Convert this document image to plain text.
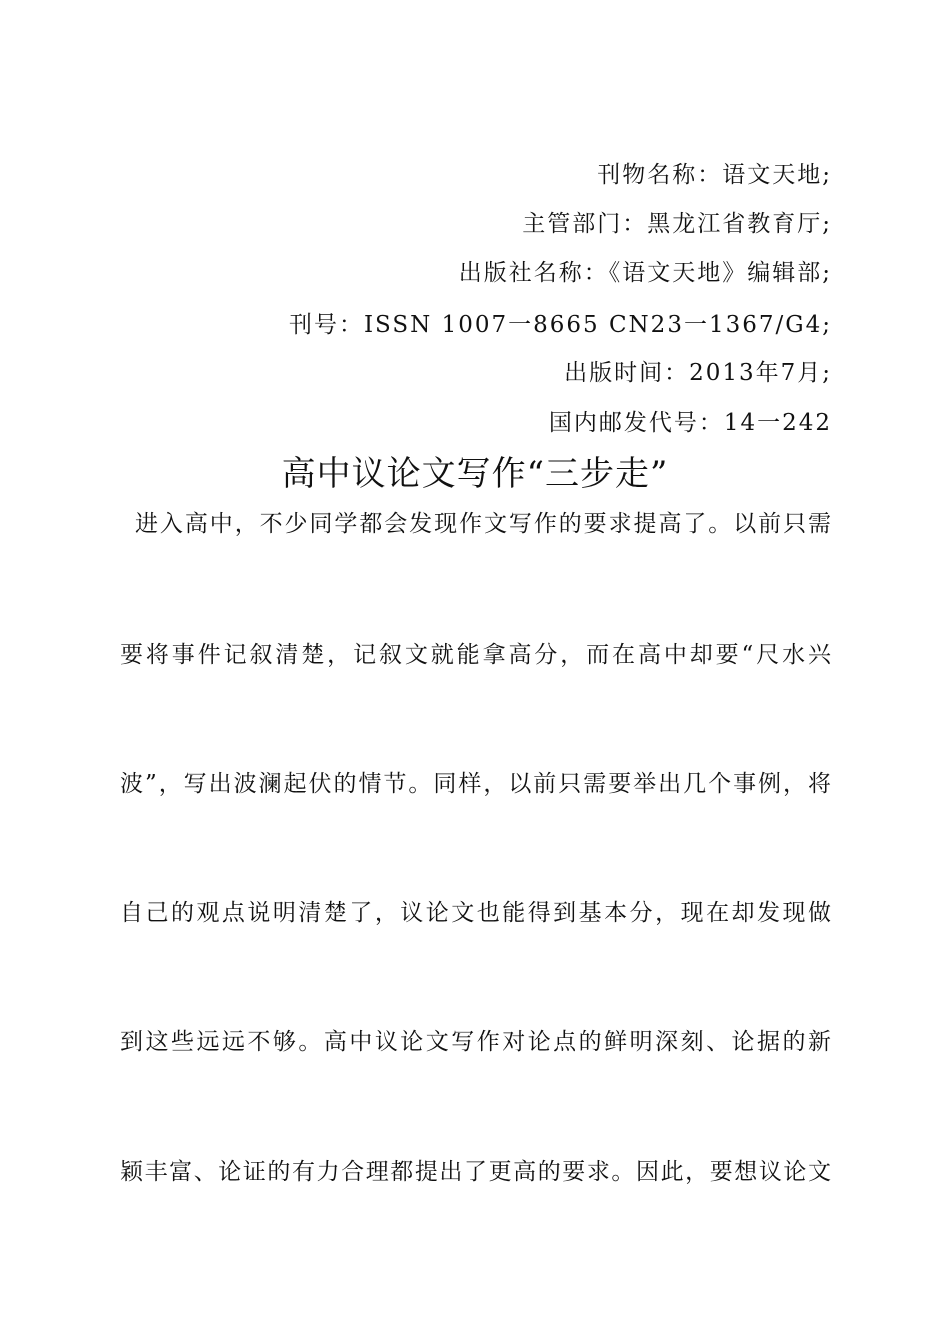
刊物名称：语文天地;
主管部门：黑龙江省教育厅;
出版社名称：《语文天地》编辑部;
刊号：ISSN 1007一8665 CN23一1367/G4;
出版时间：2013年7月;
国内邮发代号：14一242
高中议论文写作“三步走”
进入高中，不少同学都会发现作文写作的要求提高了。以前只需
要将事件记叙清楚，记叙文就能拿高分，而在高中却要“尺水兴
波”，写出波澜起伏的情节。同样，以前只需要举出几个事例，将
自己的观点说明清楚了，议论文也能得到基本分，现在却发现做
到这些远远不够。高中议论文写作对论点的鲜明深刻、论据的新
颖丰富、论证的有力合理都提出了更高的要求。因此，要想议论文
